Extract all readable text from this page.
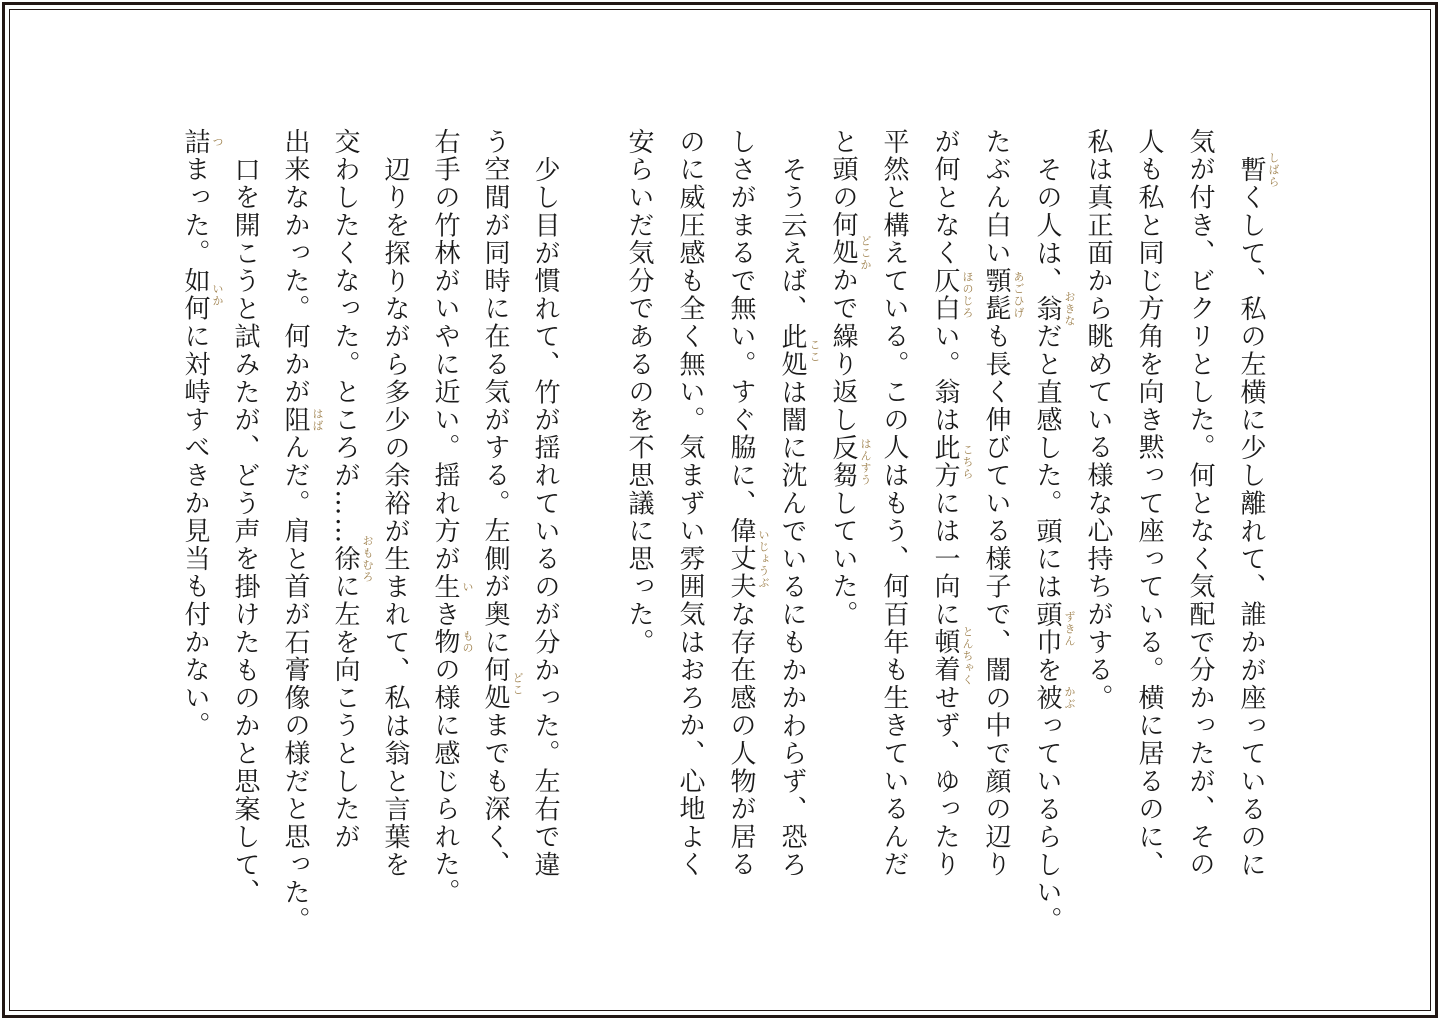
暫 しばら
くして、私の左横に少し離れて、誰かが座っているのに
気が付き、ビクリとした。何となく気配で分かったが、その
人も私と同じ方角を向き黙って座っている。横に居るのに、
私は真正面から眺めている様な心持ちがする。
その人は、翁 おきな
だと直感した。頭には頭巾 ずきん
を被 かぶ
っているらしい。
たぶん白い顎髭 あごひげ
も長く伸びている様子で、闇の中で顔の辺り
が何となく仄白 ほのじろ
い。翁は此方 こちら
には一向に頓着 とんちゃく
せず、ゆったり
平然と構えている。この人はもう、何百年も生きているんだ
と頭の何処か どこか
で繰り返し反芻 はんすう
していた。
そう云えば、此処 ここ
は闇に沈んでいるにもかかわらず、恐ろ
しさがまるで無い。すぐ脇に、偉丈夫 いじょうぶ
な存在感の人物が居る
のに威圧感も全く無い。気まずい雰囲気はおろか、心地よく
安らいだ気分であるのを不思議に思った。
少し目が慣れて、竹が揺れているのが分かった。左右で違
う空間が同時に在る気がする。左側が奥に何処 どこ
までも深く、
右手の竹林がいやに近い。揺れ方が生 い
き物 もの
の様に感じられた。
辺りを探りながら多少の余裕が生まれて、私は翁と言葉を
交わしたくなった。ところが……徐 おもむろ
に左を向こうとしたが
出来なかった。何かが阻 はば
んだ。肩と首が石膏像の様だと思った。
口を開こうと試みたが、どう声を掛けたものかと思案して、
詰 つ
まった。如何 いか
に対峙すべきか見当も付かない。
